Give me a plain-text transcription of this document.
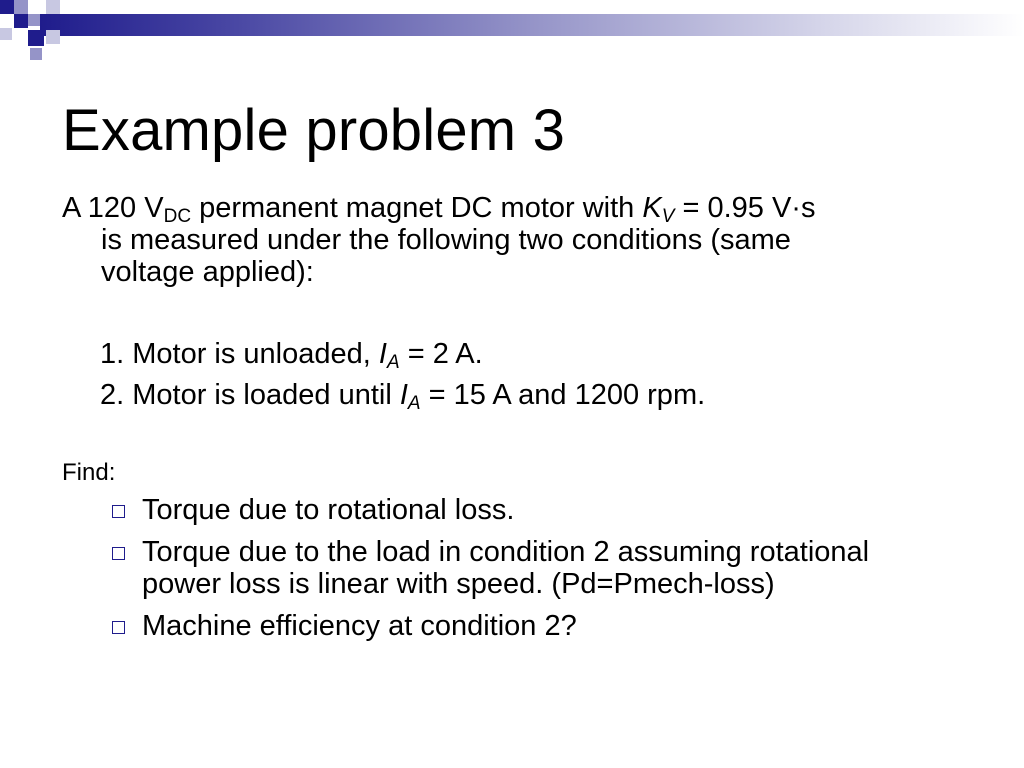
Example problem 3
A 120 $V_{DC}$ permanent magnet DC motor with $K_V = 0.95$ V·s
is measured under the following two conditions (same
voltage applied):
1. Motor is unloaded, $I_A = 2$ A.
2. Motor is loaded until $I_A = 15$ A and 1200 rpm.
Find:
Torque due to rotational loss.
Torque due to the load in condition 2 assuming rotational power loss is linear with speed. (Pd=Pmech-loss)
Machine efficiency at condition 2?
